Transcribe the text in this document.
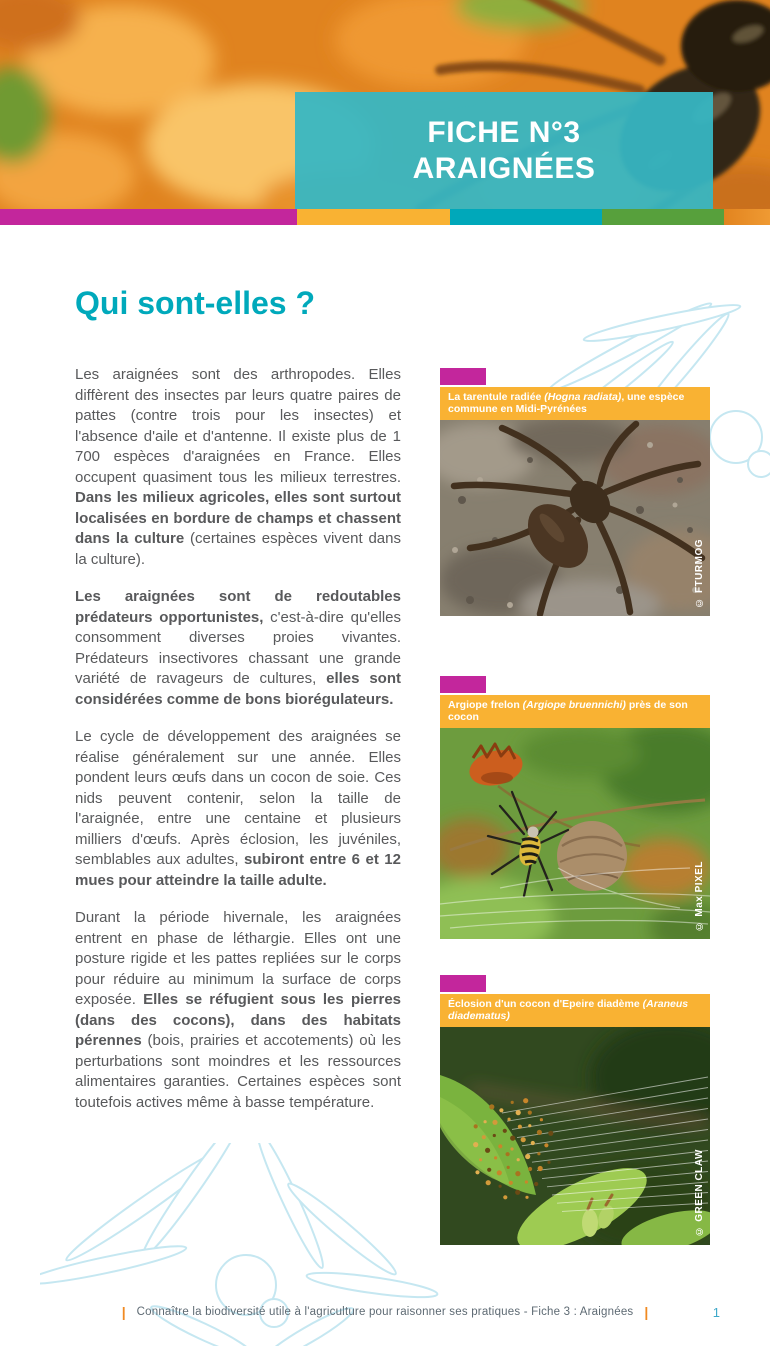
FICHE N°3
ARAIGNÉES
Qui sont-elles ?

Les araignées sont des arthropodes. Elles diffèrent des insectes par leurs quatre paires de pattes (contre trois pour les insectes) et l'absence d'aile et d'antenne. Il existe plus de 1 700 espèces d'araignées en France. Elles occupent quasiment tous les milieux terrestres. Dans les milieux agricoles, elles sont surtout localisées en bordure de champs et chassent dans la culture (certaines espèces vivent dans la culture).

Les araignées sont de redoutables prédateurs opportunistes, c'est-à-dire qu'elles consomment diverses proies vivantes. Prédateurs insectivores chassant une grande variété de ravageurs de cultures, elles sont considérées comme de bons biorégulateurs.

Le cycle de développement des araignées se réalise généralement sur une année. Elles pondent leurs œufs dans un cocon de soie. Ces nids peuvent contenir, selon la taille de l'araignée, entre une centaine et plusieurs milliers d'œufs. Après éclosion, les juvéniles, semblables aux adultes, subiront entre 6 et 12 mues pour atteindre la taille adulte.

Durant la période hivernale, les araignées entrent en phase de léthargie. Elles ont une posture rigide et les pattes repliées sur le corps pour réduire au minimum la surface de corps exposée. Elles se réfugient sous les pierres (dans des cocons), dans des habitats pérennes (bois, prairies et accotements) où les perturbations sont moindres et les ressources alimentaires garanties. Certaines espèces sont toutefois actives même à basse température.

La tarentule radiée (Hogna radiata), une espèce commune en Midi-Pyrénées
© FTURMOG
Argiope frelon (Argiope bruennichi) près de son cocon
© Max PIXEL
Éclosion d'un cocon d'Epeire diadème (Araneus diadematus)
© GREEN CLAW
| Connaître la biodiversité utile à l'agriculture pour raisonner ses pratiques - Fiche 3 : Araignées |	1
